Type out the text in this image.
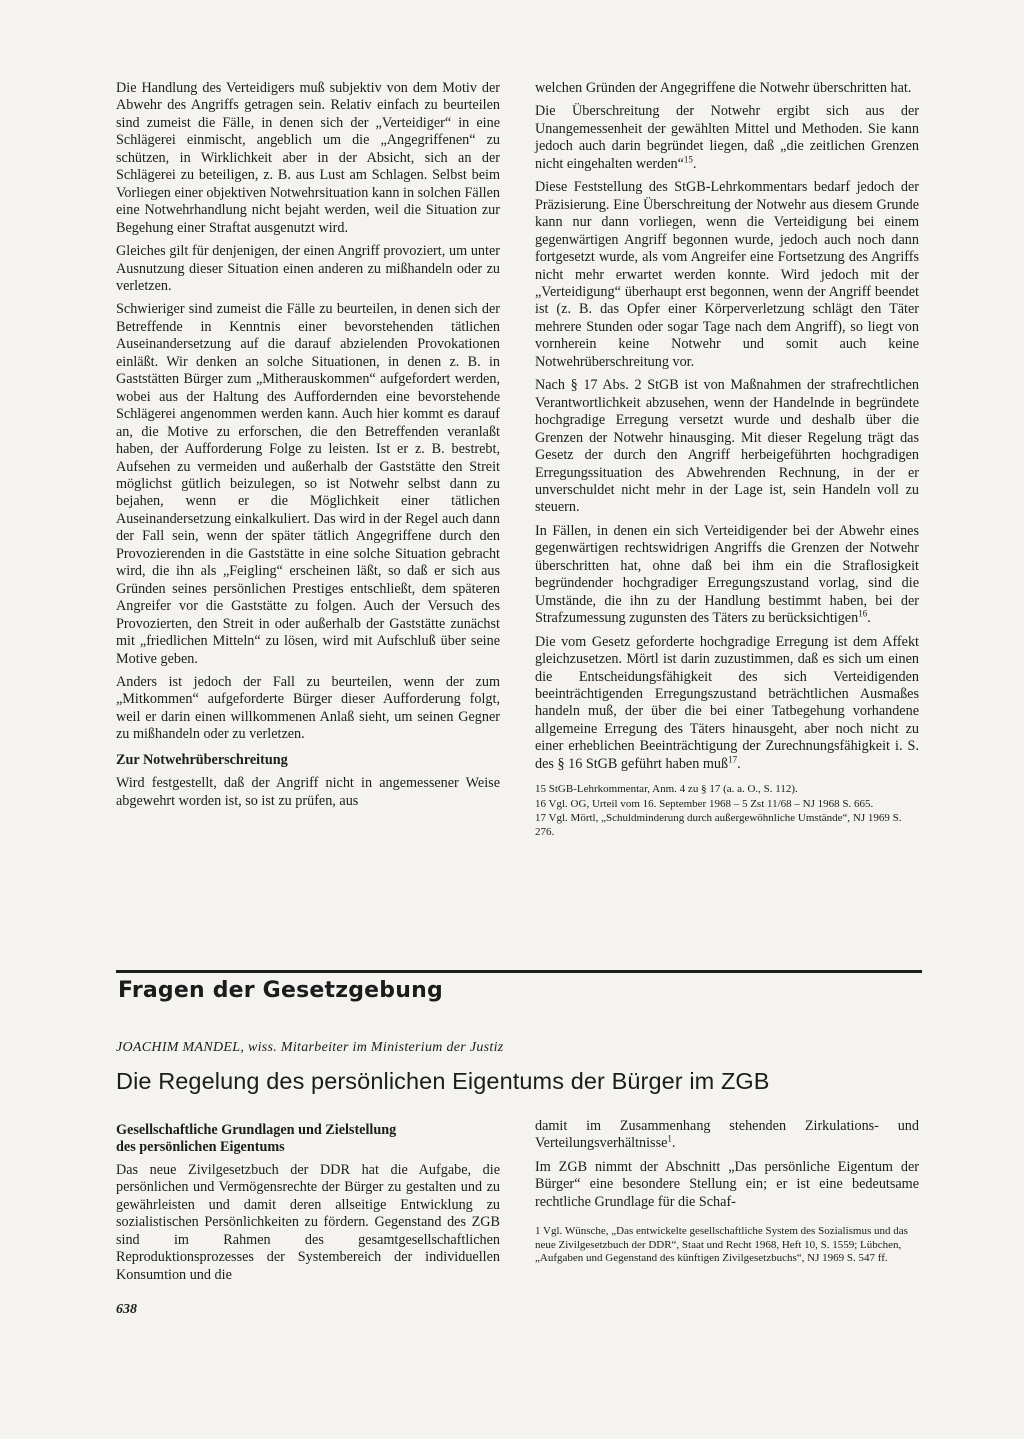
Die Handlung des Verteidigers muß subjektiv von dem Motiv der Abwehr des Angriffs getragen sein. Relativ einfach zu beurteilen sind zumeist die Fälle, in denen sich der „Verteidiger“ in eine Schlägerei einmischt, angeblich um die „Angegriffenen“ zu schützen, in Wirklichkeit aber in der Absicht, sich an der Schlägerei zu beteiligen, z. B. aus Lust am Schlagen. Selbst beim Vorliegen einer objektiven Notwehrsituation kann in solchen Fällen eine Notwehrhandlung nicht bejaht werden, weil die Situation zur Begehung einer Straftat ausgenutzt wird.

Gleiches gilt für denjenigen, der einen Angriff provoziert, um unter Ausnutzung dieser Situation einen anderen zu mißhandeln oder zu verletzen.

Schwieriger sind zumeist die Fälle zu beurteilen, in denen sich der Betreffende in Kenntnis einer bevorstehenden tätlichen Auseinandersetzung auf die darauf abzielenden Provokationen einläßt. Wir denken an solche Situationen, in denen z. B. in Gaststätten Bürger zum „Mitherauskommen“ aufgefordert werden, wobei aus der Haltung des Auffordernden eine bevorstehende Schlägerei angenommen werden kann. Auch hier kommt es darauf an, die Motive zu erforschen, die den Betreffenden veranlaßt haben, der Aufforderung Folge zu leisten. Ist er z. B. bestrebt, Aufsehen zu vermeiden und außerhalb der Gaststätte den Streit möglichst gütlich beizulegen, so ist Notwehr selbst dann zu bejahen, wenn er die Möglichkeit einer tätlichen Auseinandersetzung einkalkuliert. Das wird in der Regel auch dann der Fall sein, wenn der später tätlich Angegriffene durch den Provozierenden in die Gaststätte in eine solche Situation gebracht wird, die ihn als „Feigling“ erscheinen läßt, so daß er sich aus Gründen seines persönlichen Prestiges entschließt, dem späteren Angreifer vor die Gaststätte zu folgen. Auch der Versuch des Provozierten, den Streit in oder außerhalb der Gaststätte zunächst mit „friedlichen Mitteln“ zu lösen, wird mit Aufschluß über seine Motive geben.

Anders ist jedoch der Fall zu beurteilen, wenn der zum „Mitkommen“ aufgeforderte Bürger dieser Aufforderung folgt, weil er darin einen willkommenen Anlaß sieht, um seinen Gegner zu mißhandeln oder zu verletzen.

Zur Notwehrüberschreitung

Wird festgestellt, daß der Angriff nicht in angemessener Weise abgewehrt worden ist, so ist zu prüfen, aus

welchen Gründen der Angegriffene die Notwehr überschritten hat.

Die Überschreitung der Notwehr ergibt sich aus der Unangemessenheit der gewählten Mittel und Methoden. Sie kann jedoch auch darin begründet liegen, daß „die zeitlichen Grenzen nicht eingehalten werden“$^{15}$.

Diese Feststellung des StGB-Lehrkommentars bedarf jedoch der Präzisierung. Eine Überschreitung der Notwehr aus diesem Grunde kann nur dann vorliegen, wenn die Verteidigung bei einem gegenwärtigen Angriff begonnen wurde, jedoch auch noch dann fortgesetzt wurde, als vom Angreifer eine Fortsetzung des Angriffs nicht mehr erwartet werden konnte. Wird jedoch mit der „Verteidigung“ überhaupt erst begonnen, wenn der Angriff beendet ist (z. B. das Opfer einer Körperverletzung schlägt den Täter mehrere Stunden oder sogar Tage nach dem Angriff), so liegt von vornherein keine Notwehr und somit auch keine Notwehrüberschreitung vor.

Nach § 17 Abs. 2 StGB ist von Maßnahmen der strafrechtlichen Verantwortlichkeit abzusehen, wenn der Handelnde in begründete hochgradige Erregung versetzt wurde und deshalb über die Grenzen der Notwehr hinausging. Mit dieser Regelung trägt das Gesetz der durch den Angriff herbeigeführten hochgradigen Erregungssituation des Abwehrenden Rechnung, in der er unverschuldet nicht mehr in der Lage ist, sein Handeln voll zu steuern.

In Fällen, in denen ein sich Verteidigender bei der Abwehr eines gegenwärtigen rechtswidrigen Angriffs die Grenzen der Notwehr überschritten hat, ohne daß bei ihm ein die Straflosigkeit begründender hochgradiger Erregungszustand vorlag, sind die Umstände, die ihn zu der Handlung bestimmt haben, bei der Strafzumessung zugunsten des Täters zu berücksichtigen$^{16}$.

Die vom Gesetz geforderte hochgradige Erregung ist dem Affekt gleichzusetzen. Mörtl ist darin zuzustimmen, daß es sich um einen die Entscheidungsfähigkeit des sich Verteidigenden beeinträchtigenden Erregungszustand beträchtlichen Ausmaßes handeln muß, der über die bei einer Tatbegehung vorhandene allgemeine Erregung des Täters hinausgeht, aber noch nicht zu einer erheblichen Beeinträchtigung der Zurechnungsfähigkeit i. S. des § 16 StGB geführt haben muß$^{17}$.

15 StGB-Lehrkommentar, Anm. 4 zu § 17 (a. a. O., S. 112).
16 Vgl. OG, Urteil vom 16. September 1968 – 5 Zst 11/68 – NJ 1968 S. 665.
17 Vgl. Mörtl, „Schuldminderung durch außergewöhnliche Umstände“, NJ 1969 S. 276.
Fragen der Gesetzgebung
JOACHIM MANDEL, wiss. Mitarbeiter im Ministerium der Justiz
Die Regelung des persönlichen Eigentums der Bürger im ZGB
Gesellschaftliche Grundlagen und Zielstellung
des persönlichen Eigentums

Das neue Zivilgesetzbuch der DDR hat die Aufgabe, die persönlichen und Vermögensrechte der Bürger zu gestalten und zu gewährleisten und damit deren allseitige Entwicklung zu sozialistischen Persönlichkeiten zu fördern. Gegenstand des ZGB sind im Rahmen des gesamtgesellschaftlichen Reproduktionsprozesses der Systembereich der individuellen Konsumtion und die

damit im Zusammenhang stehenden Zirkulations- und Verteilungsverhältnisse$^1$.

Im ZGB nimmt der Abschnitt „Das persönliche Eigentum der Bürger“ eine besondere Stellung ein; er ist eine bedeutsame rechtliche Grundlage für die Schaf-

1 Vgl. Wünsche, „Das entwickelte gesellschaftliche System des Sozialismus und das neue Zivilgesetzbuch der DDR“, Staat und Recht 1968, Heft 10, S. 1559; Lübchen, „Aufgaben und Gegenstand des künftigen Zivilgesetzbuchs“, NJ 1969 S. 547 ff.
638
